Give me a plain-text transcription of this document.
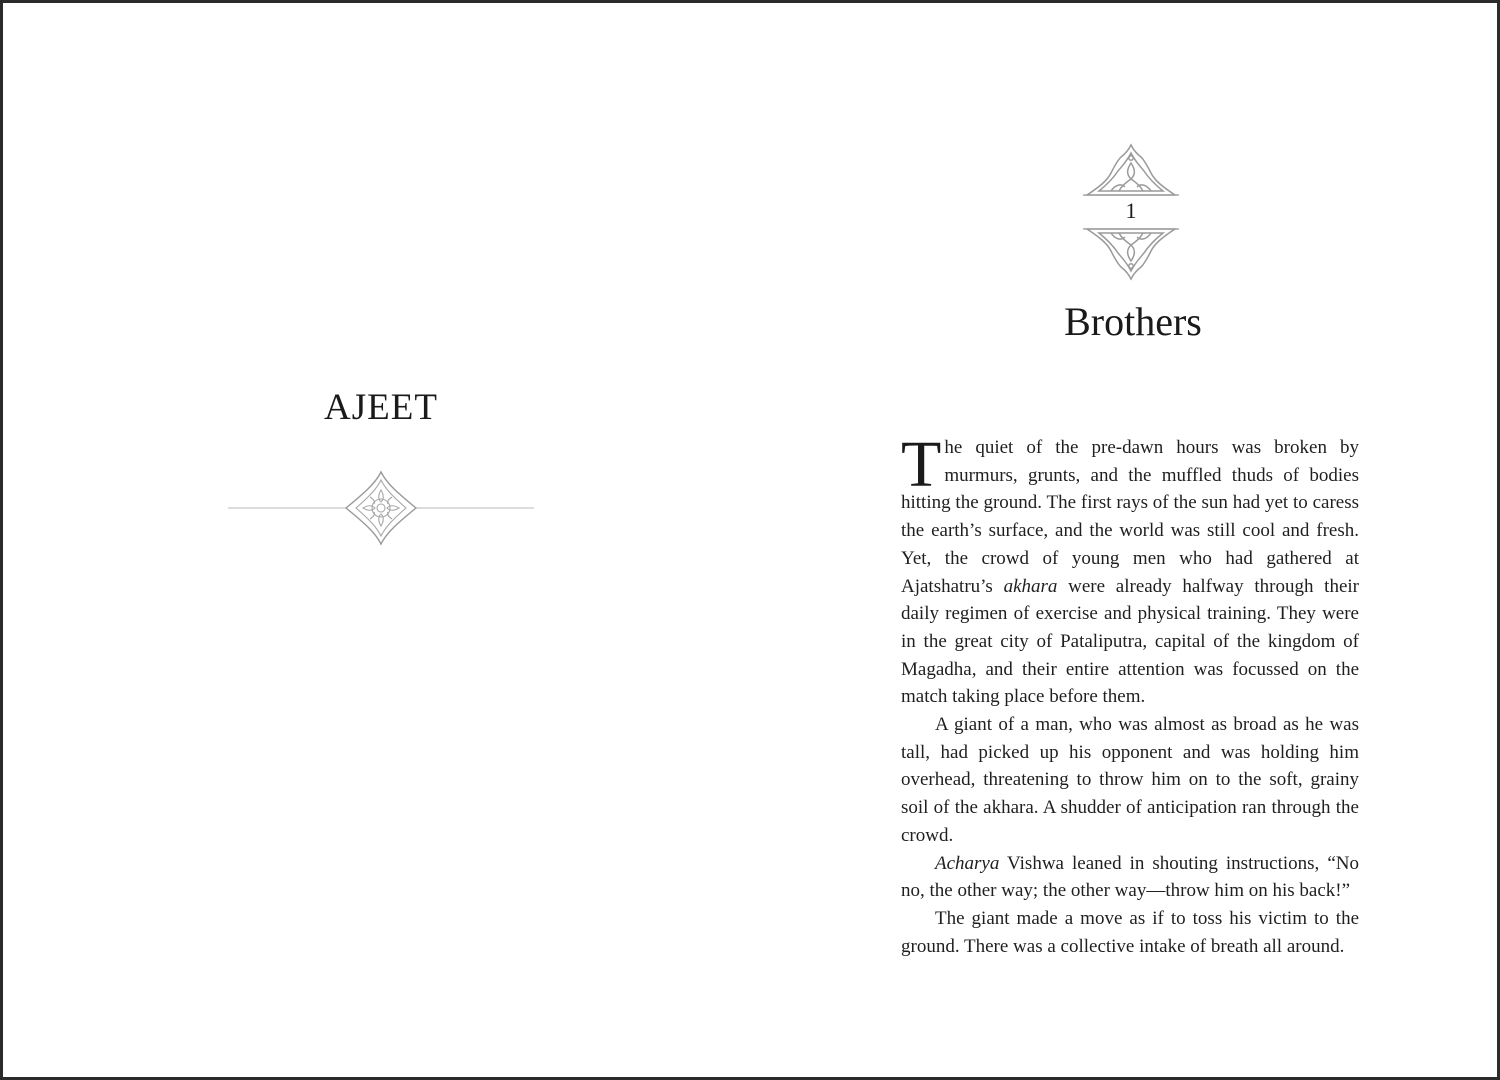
AJEET
1
Brothers

The quiet of the pre-dawn hours was broken by murmurs, grunts, and the muffled thuds of bodies hitting the ground. The first rays of the sun had yet to caress the earth’s surface, and the world was still cool and fresh. Yet, the crowd of young men who had gathered at Ajatshatru’s akhara were already halfway through their daily regimen of exercise and physical training. They were in the great city of Pataliputra, capital of the kingdom of Magadha, and their entire attention was focussed on the match taking place before them.

A giant of a man, who was almost as broad as he was tall, had picked up his opponent and was holding him overhead, threatening to throw him on to the soft, grainy soil of the akhara. A shudder of anticipation ran through the crowd.

Acharya Vishwa leaned in shouting instructions, “No no, the other way; the other way—throw him on his back!”

The giant made a move as if to toss his victim to the ground. There was a collective intake of breath all around.
